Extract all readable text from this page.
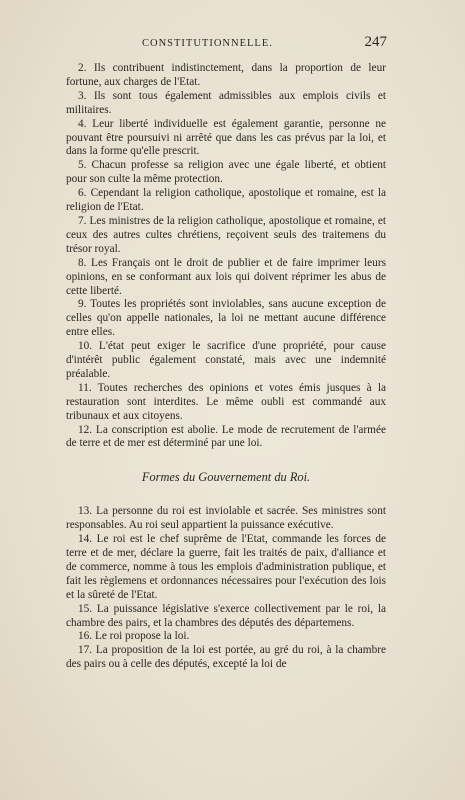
CONSTITUTIONNELLE.	247

2. Ils contribuent indistinctement, dans la proportion de leur fortune, aux charges de l'Etat.

3. Ils sont tous également admissibles aux emplois civils et militaires.

4. Leur liberté individuelle est également garantie, personne ne pouvant être poursuivi ni arrêté que dans les cas prévus par la loi, et dans la forme qu'elle prescrit.

5. Chacun professe sa religion avec une égale liberté, et obtient pour son culte la même protection.

6. Cependant la religion catholique, apostolique et romaine, est la religion de l'Etat.

7. Les ministres de la religion catholique, apostolique et romaine, et ceux des autres cultes chrétiens, reçoivent seuls des traitemens du trésor royal.

8. Les Français ont le droit de publier et de faire imprimer leurs opinions, en se conformant aux lois qui doivent réprimer les abus de cette liberté.

9. Toutes les propriétés sont inviolables, sans aucune exception de celles qu'on appelle nationales, la loi ne mettant aucune différence entre elles.

10. L'état peut exiger le sacrifice d'une propriété, pour cause d'intérêt public également constaté, mais avec une indemnité préalable.

11. Toutes recherches des opinions et votes émis jusques à la restauration sont interdites. Le même oubli est commandé aux tribunaux et aux citoyens.

12. La conscription est abolie. Le mode de recrutement de l'armée de terre et de mer est déterminé par une loi.

Formes du Gouvernement du Roi.

13. La personne du roi est inviolable et sacrée. Ses ministres sont responsables. Au roi seul appartient la puissance exécutive.

14. Le roi est le chef suprême de l'Etat, commande les forces de terre et de mer, déclare la guerre, fait les traités de paix, d'alliance et de commerce, nomme à tous les emplois d'administration publique, et fait les règlemens et ordonnances nécessaires pour l'exécution des lois et la sûreté de l'Etat.

15. La puissance législative s'exerce collectivement par le roi, la chambre des pairs, et la chambres des députés des départemens.

16. Le roi propose la loi.

17. La proposition de la loi est portée, au gré du roi, à la chambre des pairs ou à celle des députés, excepté la loi de
